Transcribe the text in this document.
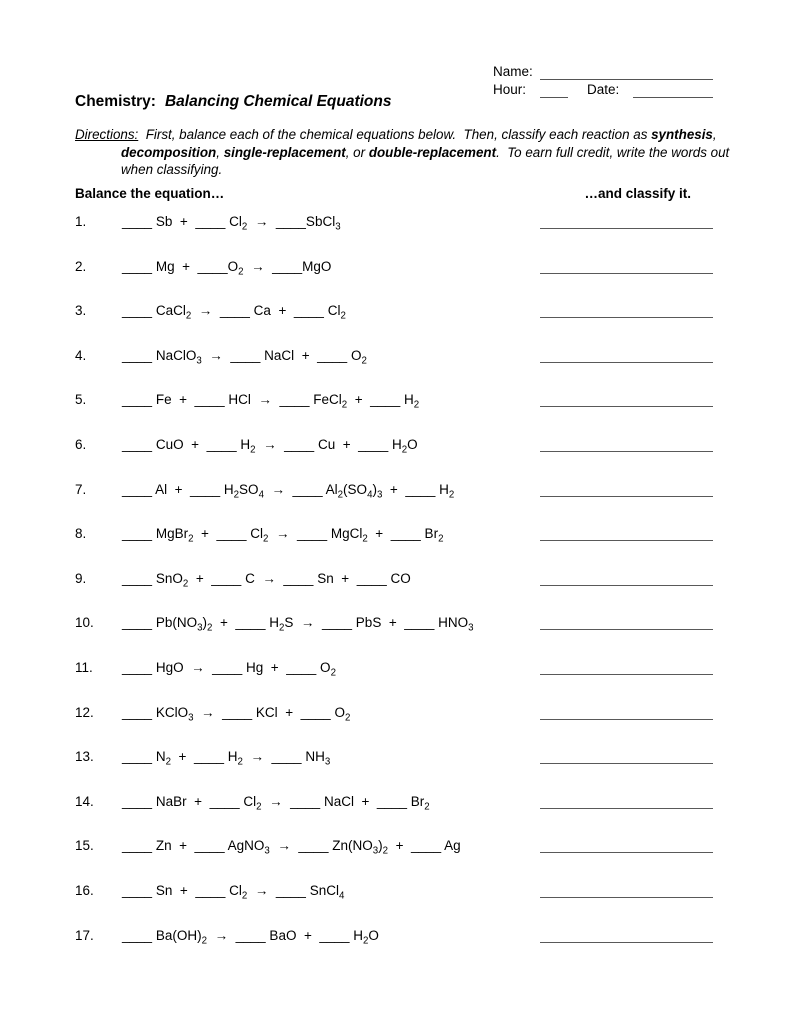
Name:
Hour:	Date:
Chemistry: Balancing Chemical Equations
Directions:  First, balance each of the chemical equations below.  Then, classify each reaction as synthesis,
decomposition, single-replacement, or double-replacement.  To earn full credit, write the words out
when classifying.
Balance the equation…	…and classify it.
1.	____ Sb + ____ $Cl_2$ → ____SbCl$_3$
2.	____ $Mg + \_\_\_\_O_2$ → ____MgO
3.	____ CaCl$_2$ → ____ Ca + ____ $Cl_2$
4.	____ NaClO$_3$ → ____ NaCl + ____ $O_2$
5.	____ Fe + ____ HCl → ____ FeCl$_2$ + ____ $H_2$
6.	____ CuO + ____ $H_2$ → ____ Cu + ____ $H_2O$
7.	____ Al + ____ $H_2SO_4$ → ____ $Al_2(SO_4)_3$ + ____ $H_2$
8.	____ MgBr$_2$ + ____ $Cl_2$ → ____ MgCl$_2$ + ____ $Br_2$
9.	____ SnO$_2$ + ____ C → ____ Sn + ____ CO
10. ____ $Pb(NO_3)_2$ + ____ $H_2S$ → ____ PbS + ____ $HNO_3$
11. ____ HgO → ____ Hg + ____ $O_2$
12. ____ KClO$_3$ → ____ KCl + ____ $O_2$
13. ____ $N_2$ + ____ $H_2$ → ____ $NH_3$
14. ____ NaBr + ____ $Cl_2$ → ____ NaCl + ____ $Br_2$
15. ____ Zn + ____ AgNO$_3$ → ____ $Zn(NO_3)_2$ + ____ Ag
16. ____ Sn + ____ $Cl_2$ → ____ SnCl$_4$
17. ____ $Ba(OH)_2$ → ____ BaO + ____ $H_2O$
